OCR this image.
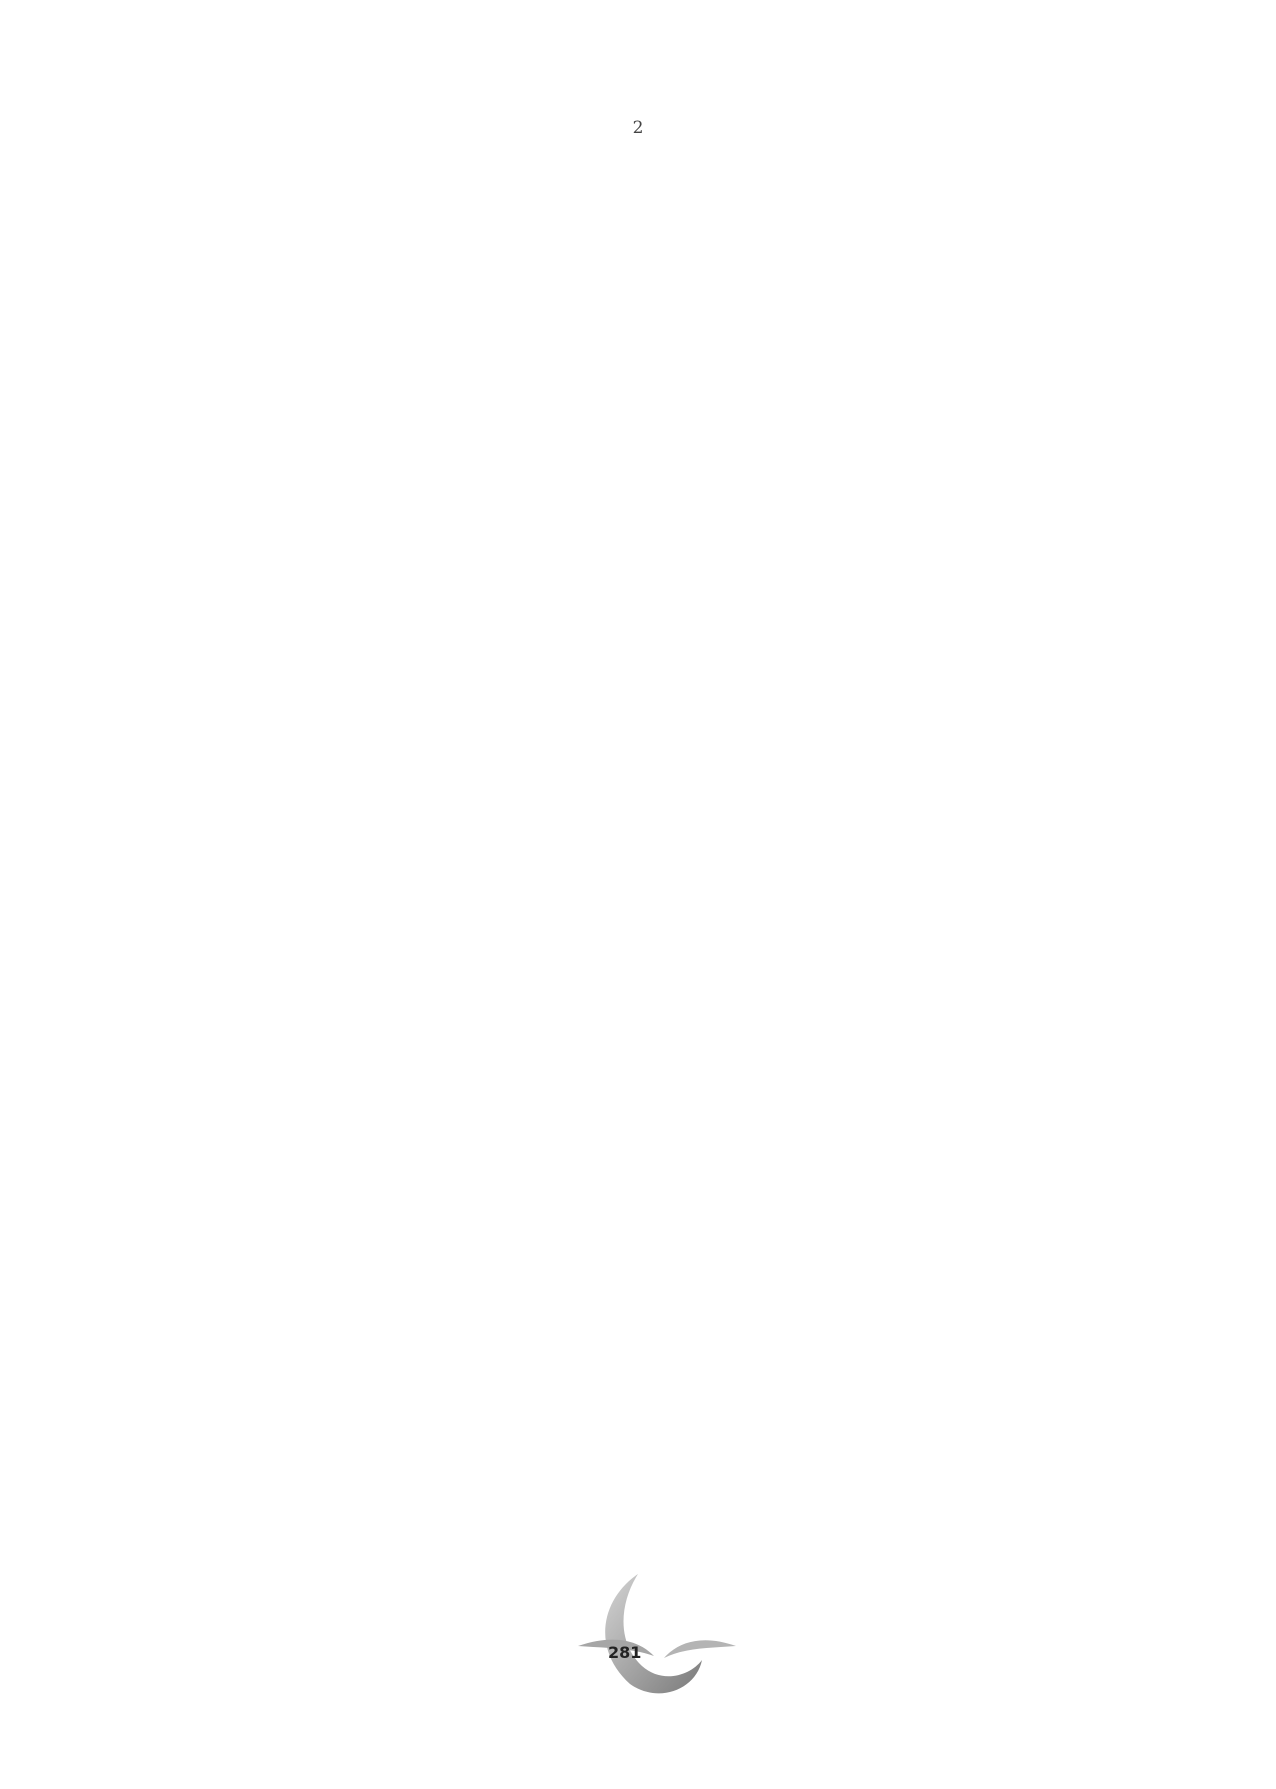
2

281
